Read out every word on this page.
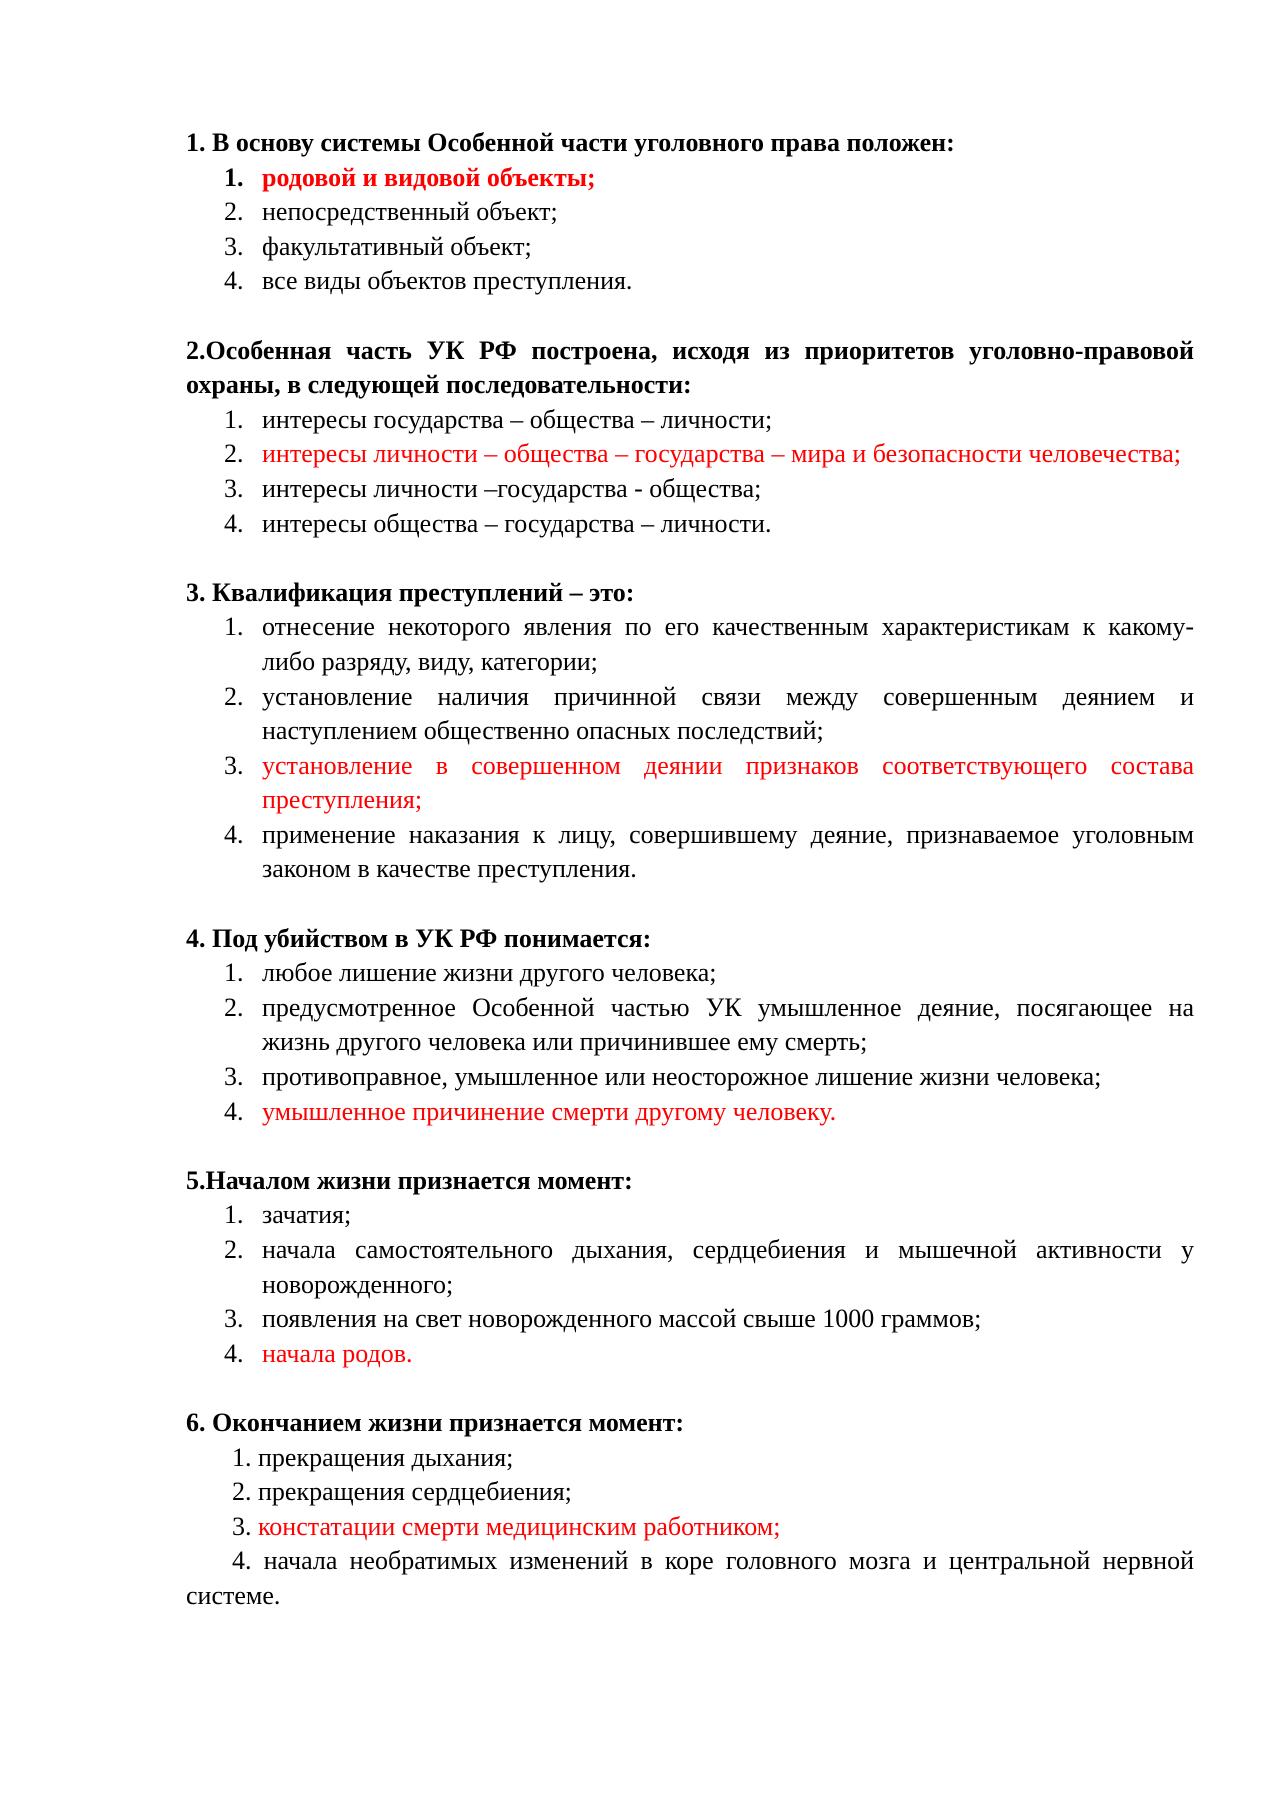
1. В основу системы Особенной части уголовного права положен:

1. родовой и видовой объекты;
2. непосредственный объект;
3. факультативный объект;
4. все виды объектов преступления.

2.Особенная часть УК РФ построена, исходя из приоритетов уголовно-правовой охраны, в следующей последовательности:

1. интересы государства – общества – личности;
2. интересы личности – общества – государства – мира и безопасности человечества;
3. интересы личности –государства - общества;
4. интересы общества – государства – личности.

3. Квалификация преступлений – это:

1. отнесение некоторого явления по его качественным характеристикам к какому-либо разряду, виду, категории;
2. установление наличия причинной связи между совершенным деянием и наступлением общественно опасных последствий;
3. установление в совершенном деянии признаков соответствующего состава преступления;
4. применение наказания к лицу, совершившему деяние, признаваемое уголовным законом в качестве преступления.

4. Под убийством в УК РФ понимается:

1. любое лишение жизни другого человека;
2. предусмотренное Особенной частью УК умышленное деяние, посягающее на жизнь другого человека или причинившее ему смерть;
3. противоправное, умышленное или неосторожное лишение жизни человека;
4. умышленное причинение смерти другому человеку.

5.Началом жизни признается момент:

1. зачатия;
2. начала самостоятельного дыхания, сердцебиения и мышечной активности у новорожденного;
3. появления на свет новорожденного массой свыше 1000 граммов;
4. начала родов.

6. Окончанием жизни признается момент:

1. прекращения дыхания;
2. прекращения сердцебиения;
3. констатации смерти медицинским работником;
4. начала необратимых изменений в коре головного мозга и центральной нервной системе.
